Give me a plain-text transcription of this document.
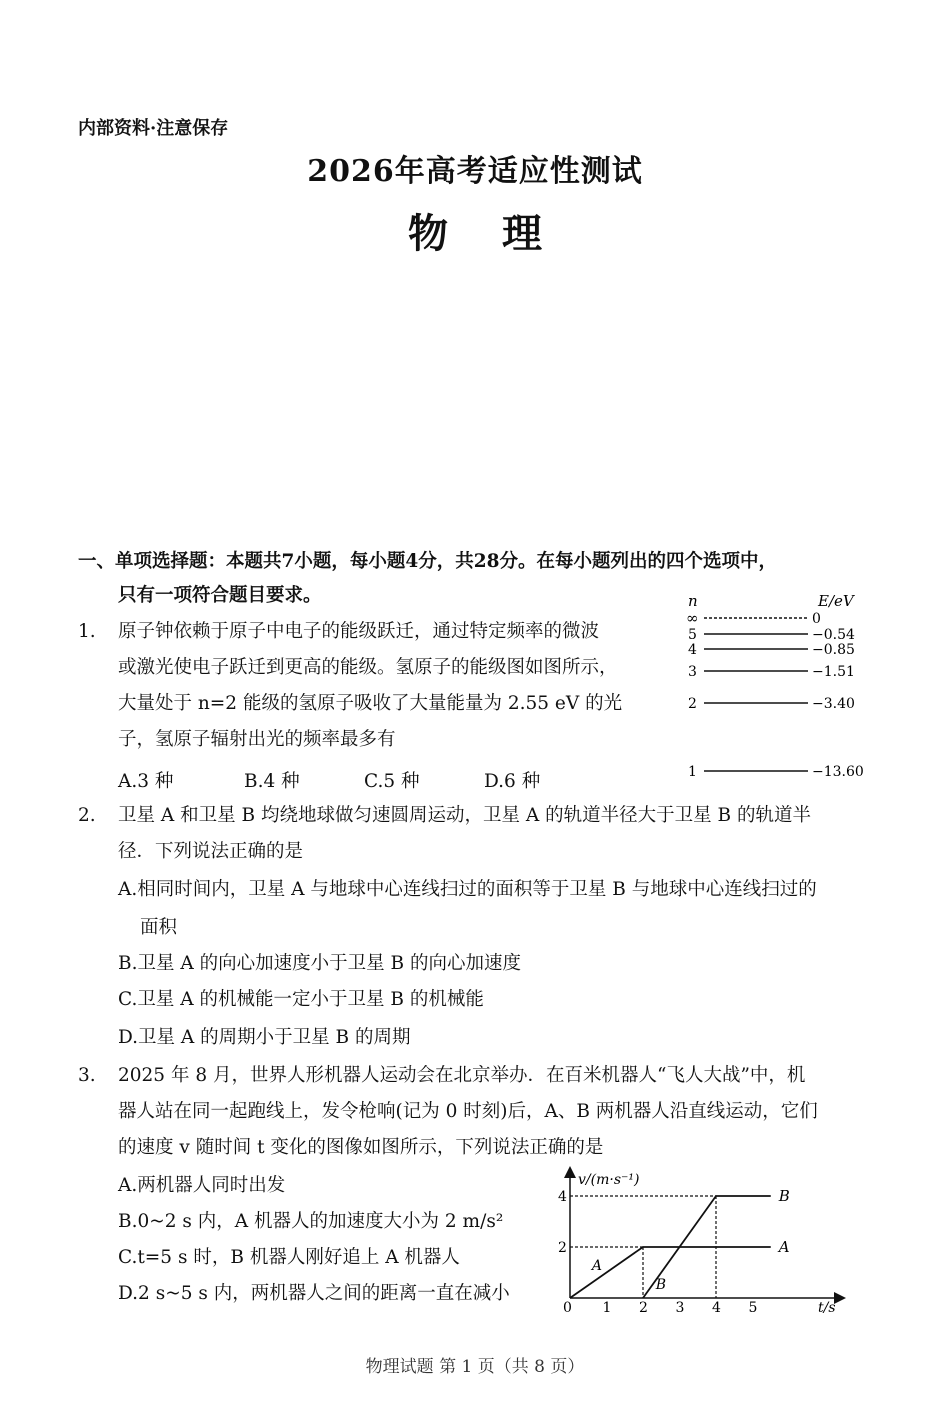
内部资料·注意保存
2026年高考适应性测试
物 理
一、单项选择题：本题共7小题，每小题4分，共28分。在每小题列出的四个选项中，
只有一项符合题目要求。
1. 原子钟依赖于原子中电子的能级跃迁，通过特定频率的微波
或激光使电子跃迁到更高的能级。氢原子的能级图如图所示，
大量处于 n=2 能级的氢原子吸收了大量能量为 2.55 eV 的光
子，氢原子辐射出光的频率最多有
A.3 种	B.4 种	C.5 种	D.6 种
n	E/eV
∞	0
5	−0.54
4	−0.85
3	−1.51
2	−3.40
1	−13.60
2. 卫星 A 和卫星 B 均绕地球做匀速圆周运动，卫星 A 的轨道半径大于卫星 B 的轨道半
径．下列说法正确的是
A.相同时间内，卫星 A 与地球中心连线扫过的面积等于卫星 B 与地球中心连线扫过的
面积
B.卫星 A 的向心加速度小于卫星 B 的向心加速度
C.卫星 A 的机械能一定小于卫星 B 的机械能
D.卫星 A 的周期小于卫星 B 的周期
3. 2025 年 8 月，世界人形机器人运动会在北京举办．在百米机器人“飞人大战”中，机
器人站在同一起跑线上，发令枪响(记为 0 时刻)后，A、B 两机器人沿直线运动，它们
的速度 v 随时间 t 变化的图像如图所示，下列说法正确的是
A.两机器人同时出发
B.0~2 s 内，A 机器人的加速度大小为 2 m/s²
C.t=5 s 时，B 机器人刚好追上 A 机器人
D.2 s~5 s 内，两机器人之间的距离一直在减小
v/(m·s⁻¹)
t/s
0 1 2 3 4 5
2
4
A
B
A
B
物理试题 第 1 页（共 8 页）
